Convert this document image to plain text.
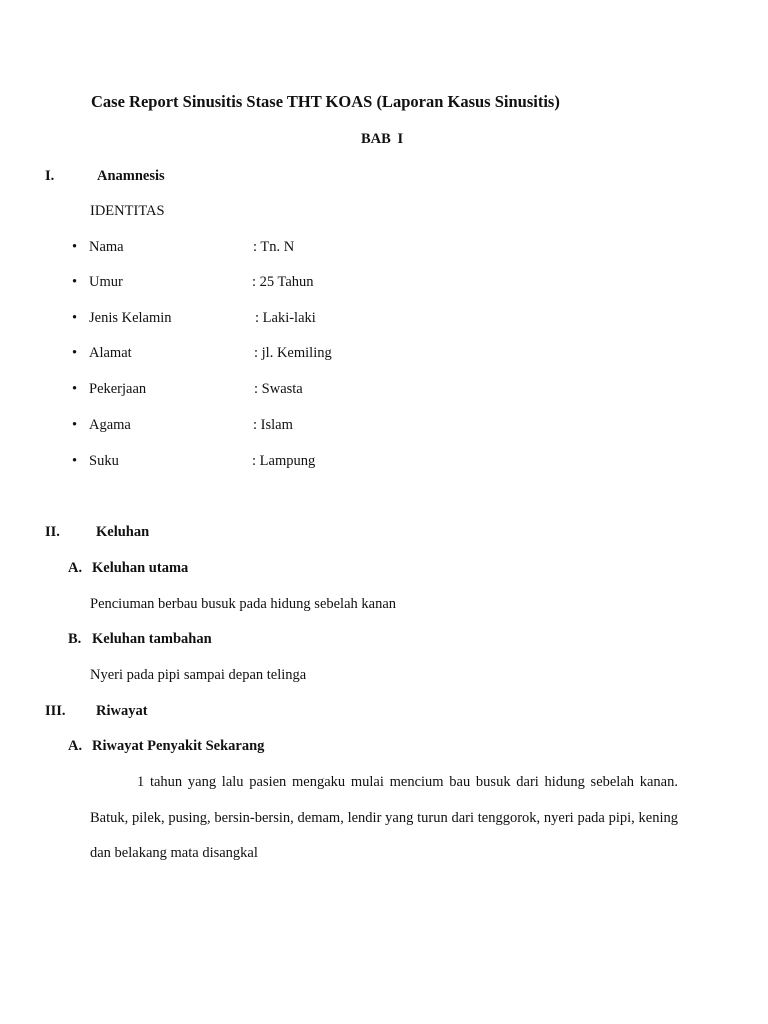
Case Report Sinusitis Stase THT KOAS (Laporan Kasus Sinusitis)
BAB I
I.	Anamnesis
IDENTITAS
• Nama	: Tn. N
• Umur	: 25 Tahun
• Jenis Kelamin	: Laki-laki
• Alamat	: jl. Kemiling
• Pekerjaan	: Swasta
• Agama	: Islam
• Suku	: Lampung
II. Keluhan
A. Keluhan utama
Penciuman berbau busuk pada hidung sebelah kanan
B. Keluhan tambahan
Nyeri pada pipi sampai depan telinga
III. Riwayat
A. Riwayat Penyakit Sekarang
1 tahun yang lalu pasien mengaku mulai mencium bau busuk dari hidung sebelah kanan. Batuk, pilek, pusing, bersin-bersin, demam, lendir yang turun dari tenggorok, nyeri pada pipi, kening dan belakang mata disangkal
